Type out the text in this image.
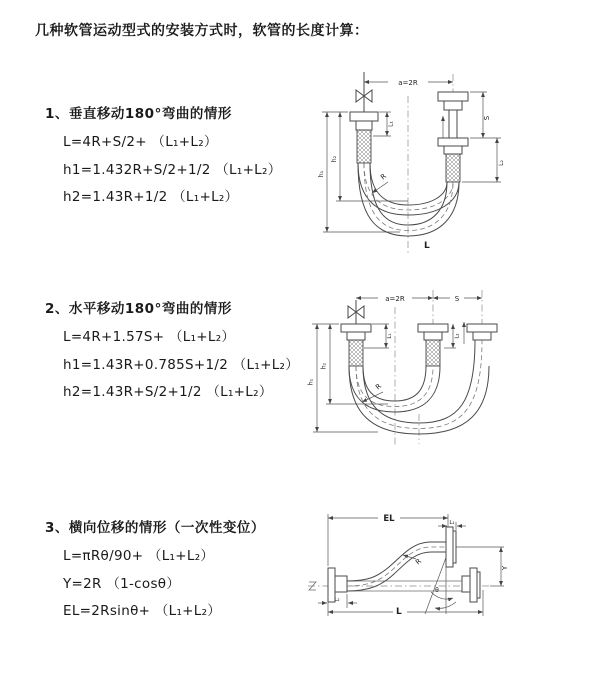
几种软管运动型式的安装方式时，软管的长度计算：
1、垂直移动180°弯曲的情形
L=4R+S/2+ （L₁+L₂）
h1=1.432R+S/2+1/2 （L₁+L₂）
h2=1.43R+1/2 （L₁+L₂）
a=2R
L₁
S
L₂
h₂
h₁	R
L
2、水平移动180°弯曲的情形
L=4R+1.57S+ （L₁+L₂）
h1=1.43R+0.785S+1/2 （L₁+L₂）
h2=1.43R+S/2+1/2 （L₁+L₂）
a=2R	S
L₁	L₂
h₂
h₁
R
3、横向位移的情形（一次性变位）
L=πRθ/90+ （L₁+L₂）
Y=2R （1-cosθ）
EL=2Rsinθ+ （L₁+L₂）
EL	L₁
Y
L
L₂
R
θ
